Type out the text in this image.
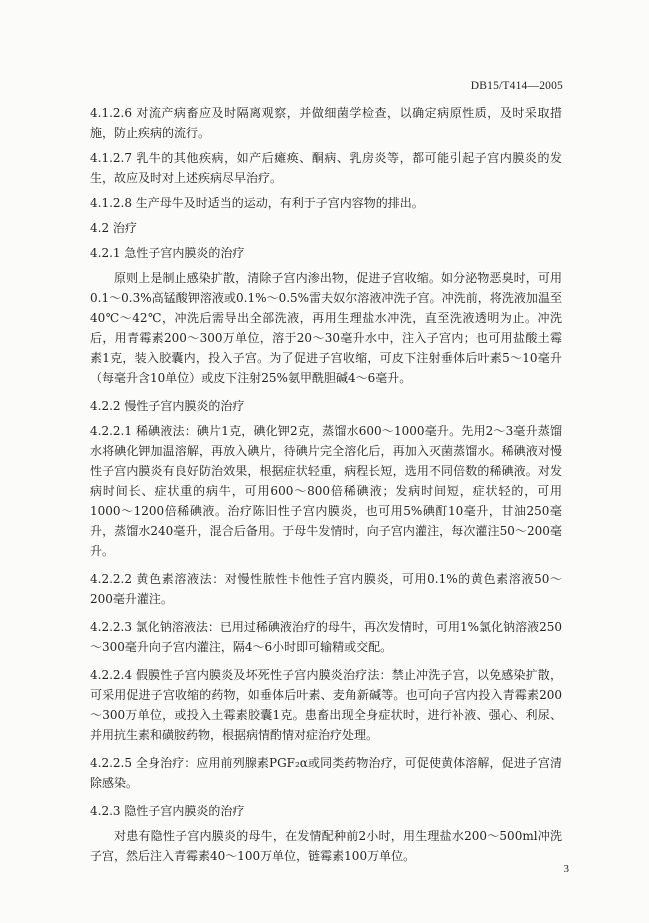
DB15/T414—2005

4.1.2.6 对流产病畜应及时隔离观察，并做细菌学检查，以确定病原性质，及时采取措施，防止疾病的流行。

4.1.2.7 乳牛的其他疾病，如产后瘫痪、酮病、乳房炎等，都可能引起子宫内膜炎的发生，故应及时对上述疾病尽早治疗。

4.1.2.8 生产母牛及时适当的运动，有利于子宫内容物的排出。

4.2 治疗

4.2.1 急性子宫内膜炎的治疗

原则上是制止感染扩散，清除子宫内渗出物，促进子宫收缩。如分泌物恶臭时，可用0.1～0.3%高锰酸钾溶液或0.1%～0.5%雷夫奴尔溶液冲洗子宫。冲洗前，将洗液加温至40℃～42℃，冲洗后需导出全部洗液，再用生理盐水冲洗，直至洗液透明为止。冲洗后，用青霉素200～300万单位，溶于20～30毫升水中，注入子宫内；也可用盐酸土霉素1克，装入胶囊内，投入子宫。为了促进子宫收缩，可皮下注射垂体后叶素5～10毫升（每毫升含10单位）或皮下注射25%氨甲酰胆碱4～6毫升。

4.2.2 慢性子宫内膜炎的治疗

4.2.2.1 稀碘液法：碘片1克，碘化钾2克，蒸馏水600～1000毫升。先用2～3毫升蒸馏水将碘化钾加温溶解，再放入碘片，待碘片完全溶化后，再加入灭菌蒸馏水。稀碘液对慢性子宫内膜炎有良好防治效果，根据症状轻重，病程长短，选用不同倍数的稀碘液。对发病时间长、症状重的病牛，可用600～800倍稀碘液；发病时间短，症状轻的，可用1000～1200倍稀碘液。治疗陈旧性子宫内膜炎，也可用5%碘酊10毫升，甘油250毫升，蒸馏水240毫升，混合后备用。于母牛发情时，向子宫内灌注，每次灌注50～200毫升。

4.2.2.2 黄色素溶液法：对慢性脓性卡他性子宫内膜炎，可用0.1%的黄色素溶液50～200毫升灌注。

4.2.2.3 氯化钠溶液法：已用过稀碘液治疗的母牛，再次发情时，可用1%氯化钠溶液250～300毫升向子宫内灌注，隔4～6小时即可输精或交配。

4.2.2.4 假膜性子宫内膜炎及坏死性子宫内膜炎治疗法：禁止冲洗子宫，以免感染扩散，可采用促进子宫收缩的药物，如垂体后叶素、麦角新碱等。也可向子宫内投入青霉素200～300万单位，或投入土霉素胶囊1克。患畜出现全身症状时，进行补液、强心、利尿、并用抗生素和磺胺药物，根据病情酌情对症治疗处理。

4.2.2.5 全身治疗：应用前列腺素PGF₂α或同类药物治疗，可促使黄体溶解，促进子宫清除感染。

4.2.3 隐性子宫内膜炎的治疗

对患有隐性子宫内膜炎的母牛，在发情配种前2小时，用生理盐水200～500ml冲洗子宫，然后注入青霉素40～100万单位，链霉素100万单位。

3
